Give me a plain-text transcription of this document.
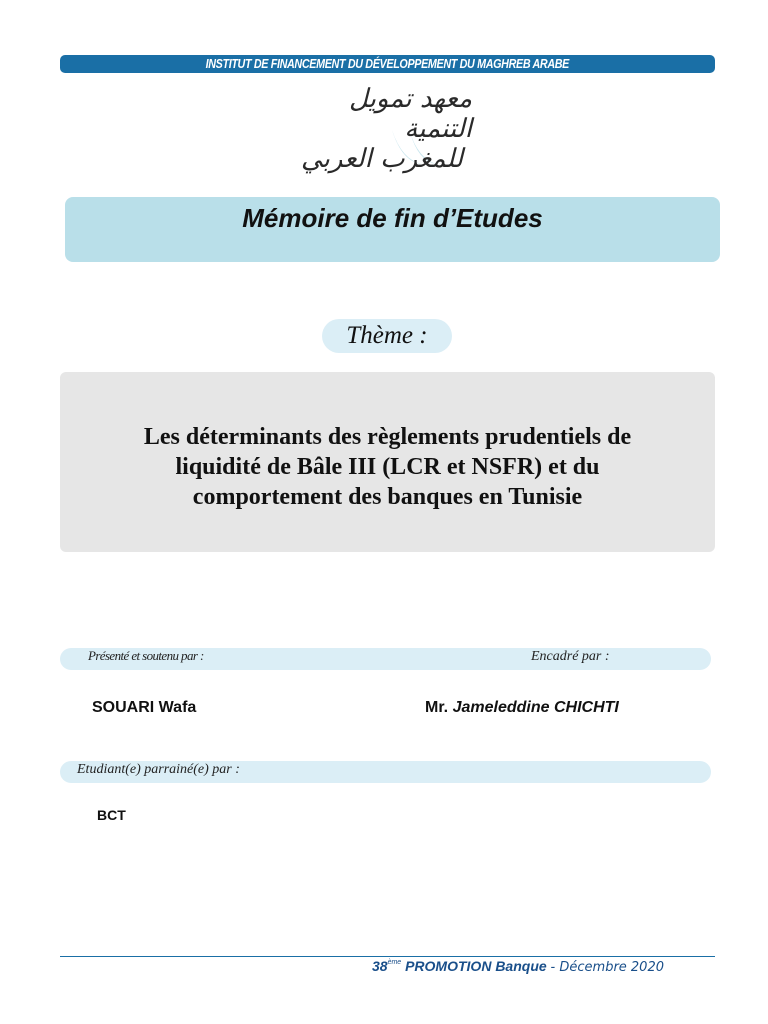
INSTITUT DE FINANCEMENT DU DÉVELOPPEMENT DU MAGHREB ARABE
معهد تمويل التنمية
للمغرب العربي
Mémoire de fin d’Etudes
Thème :
Les déterminants des règlements prudentiels de
liquidité de Bâle III (LCR et NSFR) et du
comportement des banques en Tunisie
Présenté et soutenu par :	Encadré par :
SOUARI Wafa	Mr. Jameleddine CHICHTI
Etudiant(e) parrainé(e) par :
BCT
38ème PROMOTION Banque - Décembre 2020
